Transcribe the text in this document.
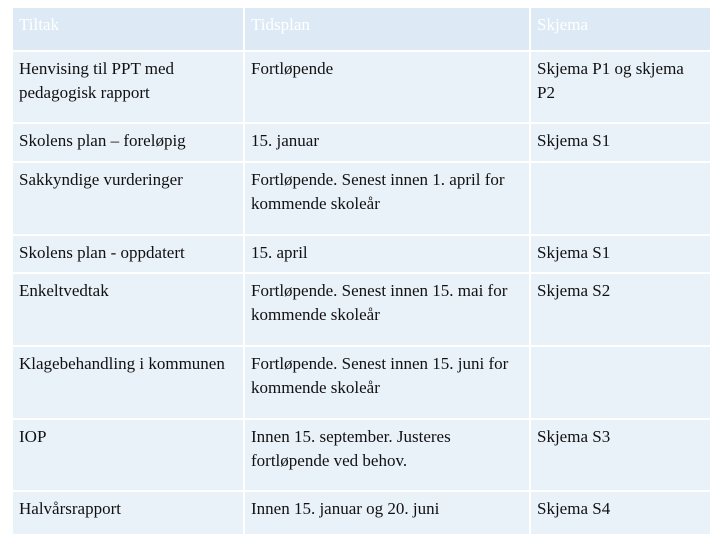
Tiltak	Tidsplan	Skjema
Henvising til PPT med pedagogisk rapport	Fortløpende	Skjema P1 og skjema P2
Skolens plan – foreløpig	15. januar	Skjema S1
Sakkyndige vurderinger	Fortløpende. Senest innen 1. april for kommende skoleår	
Skolens plan - oppdatert	15. april	Skjema S1
Enkeltvedtak	Fortløpende. Senest innen 15. mai for kommende skoleår	Skjema S2
Klagebehandling i kommunen	Fortløpende. Senest innen 15. juni for kommende skoleår	
IOP	Innen 15. september. Justeres fortløpende ved behov.	Skjema S3
Halvårsrapport	Innen 15. januar og 20. juni	Skjema S4
